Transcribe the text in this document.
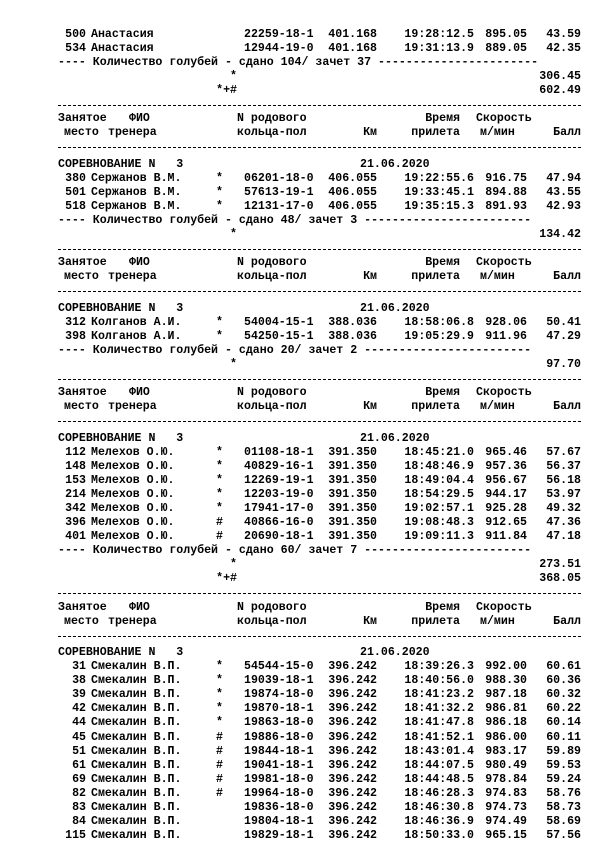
500 Анастасия	22259-18-1 401.168 19:28:12.5 895.05 43.59
534 Анастасия	12944-19-0 401.168 19:31:13.9 889.05 42.35
---- Количество голубей - сдано 104/ зачет 37 -----------------------
*	306.45
*+#	602.49
Занятое ФИО	N родового	Время Скорость
место тренера	кольца-пол	Км	прилета м/мин	Балл
СОРЕВНОВАНИЕ N   3	21.06.2020
380 Сержанов В.М.	* 06201-18-0 406.055 19:22:55.6 916.75 47.94
501 Сержанов В.М.	* 57613-19-1 406.055 19:33:45.1 894.88 43.55
518 Сержанов В.М.	* 12131-17-0 406.055 19:35:15.3 891.93 42.93
---- Количество голубей - сдано 48/ зачет 3 ------------------------
*	134.42
Занятое ФИО	N родового	Время Скорость
место тренера	кольца-пол	Км	прилета м/мин	Балл
СОРЕВНОВАНИЕ N   3	21.06.2020
312 Колганов А.И.	* 54004-15-1 388.036 18:58:06.8 928.06 50.41
398 Колганов А.И.	* 54250-15-1 388.036 19:05:29.9 911.96 47.29
---- Количество голубей - сдано 20/ зачет 2 ------------------------
*	97.70
Занятое ФИО	N родового	Время Скорость
место тренера	кольца-пол	Км	прилета м/мин	Балл
СОРЕВНОВАНИЕ N   3	21.06.2020
112 Мелехов О.Ю.	* 01108-18-1 391.350 18:45:21.0 965.46 57.67
148 Мелехов О.Ю.	* 40829-16-1 391.350 18:48:46.9 957.36 56.37
153 Мелехов О.Ю.	* 12269-19-1 391.350 18:49:04.4 956.67 56.18
214 Мелехов О.Ю.	* 12203-19-0 391.350 18:54:29.5 944.17 53.97
342 Мелехов О.Ю.	* 17941-17-0 391.350 19:02:57.1 925.28 49.32
396 Мелехов О.Ю.	# 40866-16-0 391.350 19:08:48.3 912.65 47.36
401 Мелехов О.Ю.	# 20690-18-1 391.350 19:09:11.3 911.84 47.18
---- Количество голубей - сдано 60/ зачет 7 ------------------------
*	273.51
*+#	368.05
Занятое ФИО	N родового	Время Скорость
место тренера	кольца-пол	Км	прилета м/мин	Балл
СОРЕВНОВАНИЕ N   3	21.06.2020
31 Смекалин В.П.	* 54544-15-0 396.242 18:39:26.3 992.00 60.61
38 Смекалин В.П.	* 19039-18-1 396.242 18:40:56.0 988.30 60.36
39 Смекалин В.П.	* 19874-18-0 396.242 18:41:23.2 987.18 60.32
42 Смекалин В.П.	* 19870-18-1 396.242 18:41:32.2 986.81 60.22
44 Смекалин В.П.	* 19863-18-0 396.242 18:41:47.8 986.18 60.14
45 Смекалин В.П.	# 19886-18-0 396.242 18:41:52.1 986.00 60.11
51 Смекалин В.П.	# 19844-18-1 396.242 18:43:01.4 983.17 59.89
61 Смекалин В.П.	# 19041-18-1 396.242 18:44:07.5 980.49 59.53
69 Смекалин В.П.	# 19981-18-0 396.242 18:44:48.5 978.84 59.24
82 Смекалин В.П.	# 19964-18-0 396.242 18:46:28.3 974.83 58.76
83 Смекалин В.П.	19836-18-0 396.242 18:46:30.8 974.73 58.73
84 Смекалин В.П.	19804-18-1 396.242 18:46:36.9 974.49 58.69
115 Смекалин В.П.	19829-18-1 396.242 18:50:33.0 965.15 57.56
